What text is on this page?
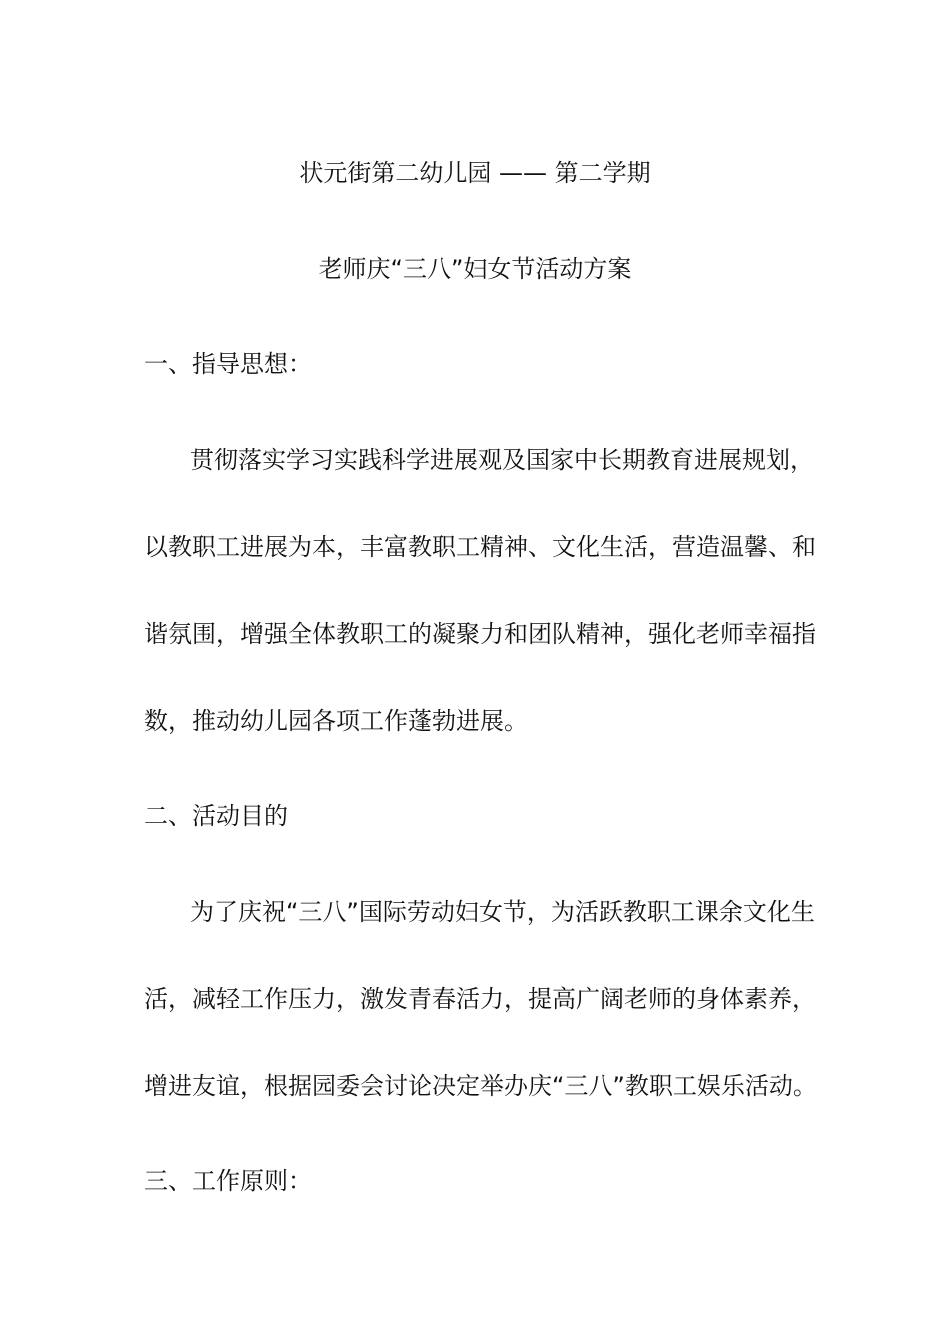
状元街第二幼儿园 —— 第二学期
老师庆“三八”妇女节活动方案
一、指导思想：
贯彻落实学习实践科学进展观及国家中长期教育进展规划，
以教职工进展为本，丰富教职工精神、文化生活，营造温馨、和
谐氛围，增强全体教职工的凝聚力和团队精神，强化老师幸福指
数，推动幼儿园各项工作蓬勃进展。
二、活动目的
为了庆祝“三八”国际劳动妇女节，为活跃教职工课余文化生
活，减轻工作压力，激发青春活力，提高广阔老师的身体素养，
增进友谊，根据园委会讨论决定举办庆“三八”教职工娱乐活动。
三、工作原则：
